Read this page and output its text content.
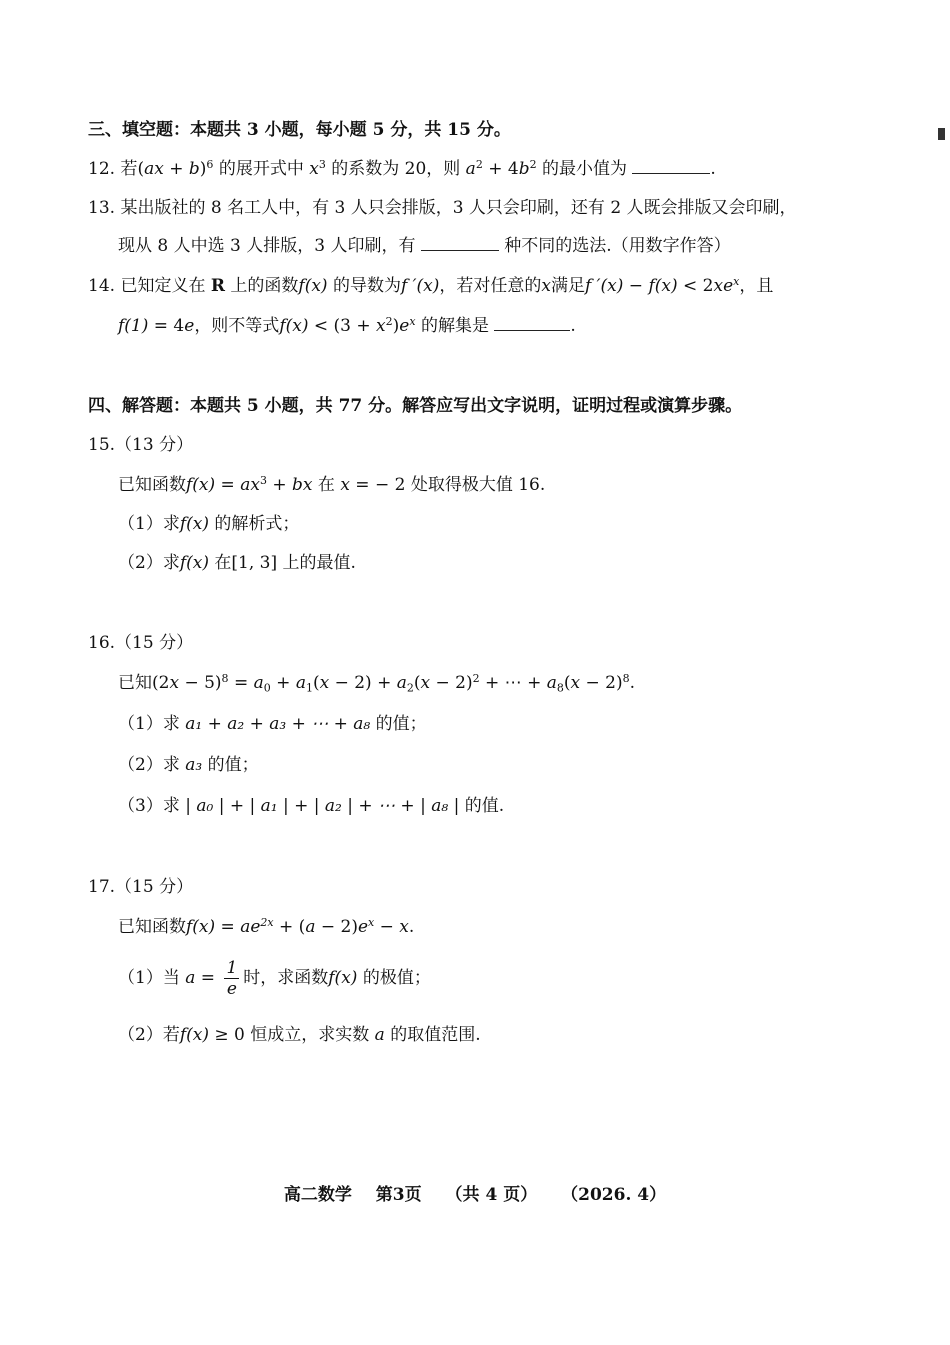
三、填空题：本题共 3 小题，每小题 5 分，共 15 分。
12. 若(ax + b)$^6$ 的展开式中 $x^3$ 的系数为 20，则 $a^2 + 4b^2$ 的最小值为	.
13. 某出版社的 8 名工人中，有 3 人只会排版，3 人只会印刷，还有 2 人既会排版又会印刷，
现从 8 人中选 3 人排版，3 人印刷，有	种不同的选法.（用数字作答）
14. 已知定义在 R 上的函数f(x) 的导数为f ′(x)，若对任意的x满足f $'(x) - f(x) < 2xe^x$，且
f(1) = 4e，则不等式$f(x) < (3 + x^2)e^x$ 的解集是	.
四、解答题：本题共 5 小题，共 77 分。解答应写出文字说明，证明过程或演算步骤。
15.（13 分）
已知函数$f(x) = ax^3$ + bx 在 x = − 2 处取得极大值 16.
（1）求f(x) 的解析式；
（2）求f(x) 在[1, 3] 上的最值.
16.（15 分）
已知$(2x - 5)^8 = a_0 + a_1(x - 2) + a_2(x - 2)^2$ + ⋯ + $a_8(x - 2)^8$.
（1）求 a₁ + a₂ + a₃ + ⋯ + a₈ 的值；
（2）求 a₃ 的值；
（3）求 | a₀ | + | a₁ | + | a₂ | + ⋯ + | a₈ | 的值.
17.（15 分）
已知函数$f(x) = ae^{2x} + (a - 2)e^x - x$.
（1）当 $a = \frac{1}{e}$ 时，求函数f(x) 的极值；
（2）若f(x) ≥ 0 恒成立，求实数 a 的取值范围.
高二数学 第3页 （共 4 页） （2026. 4）
